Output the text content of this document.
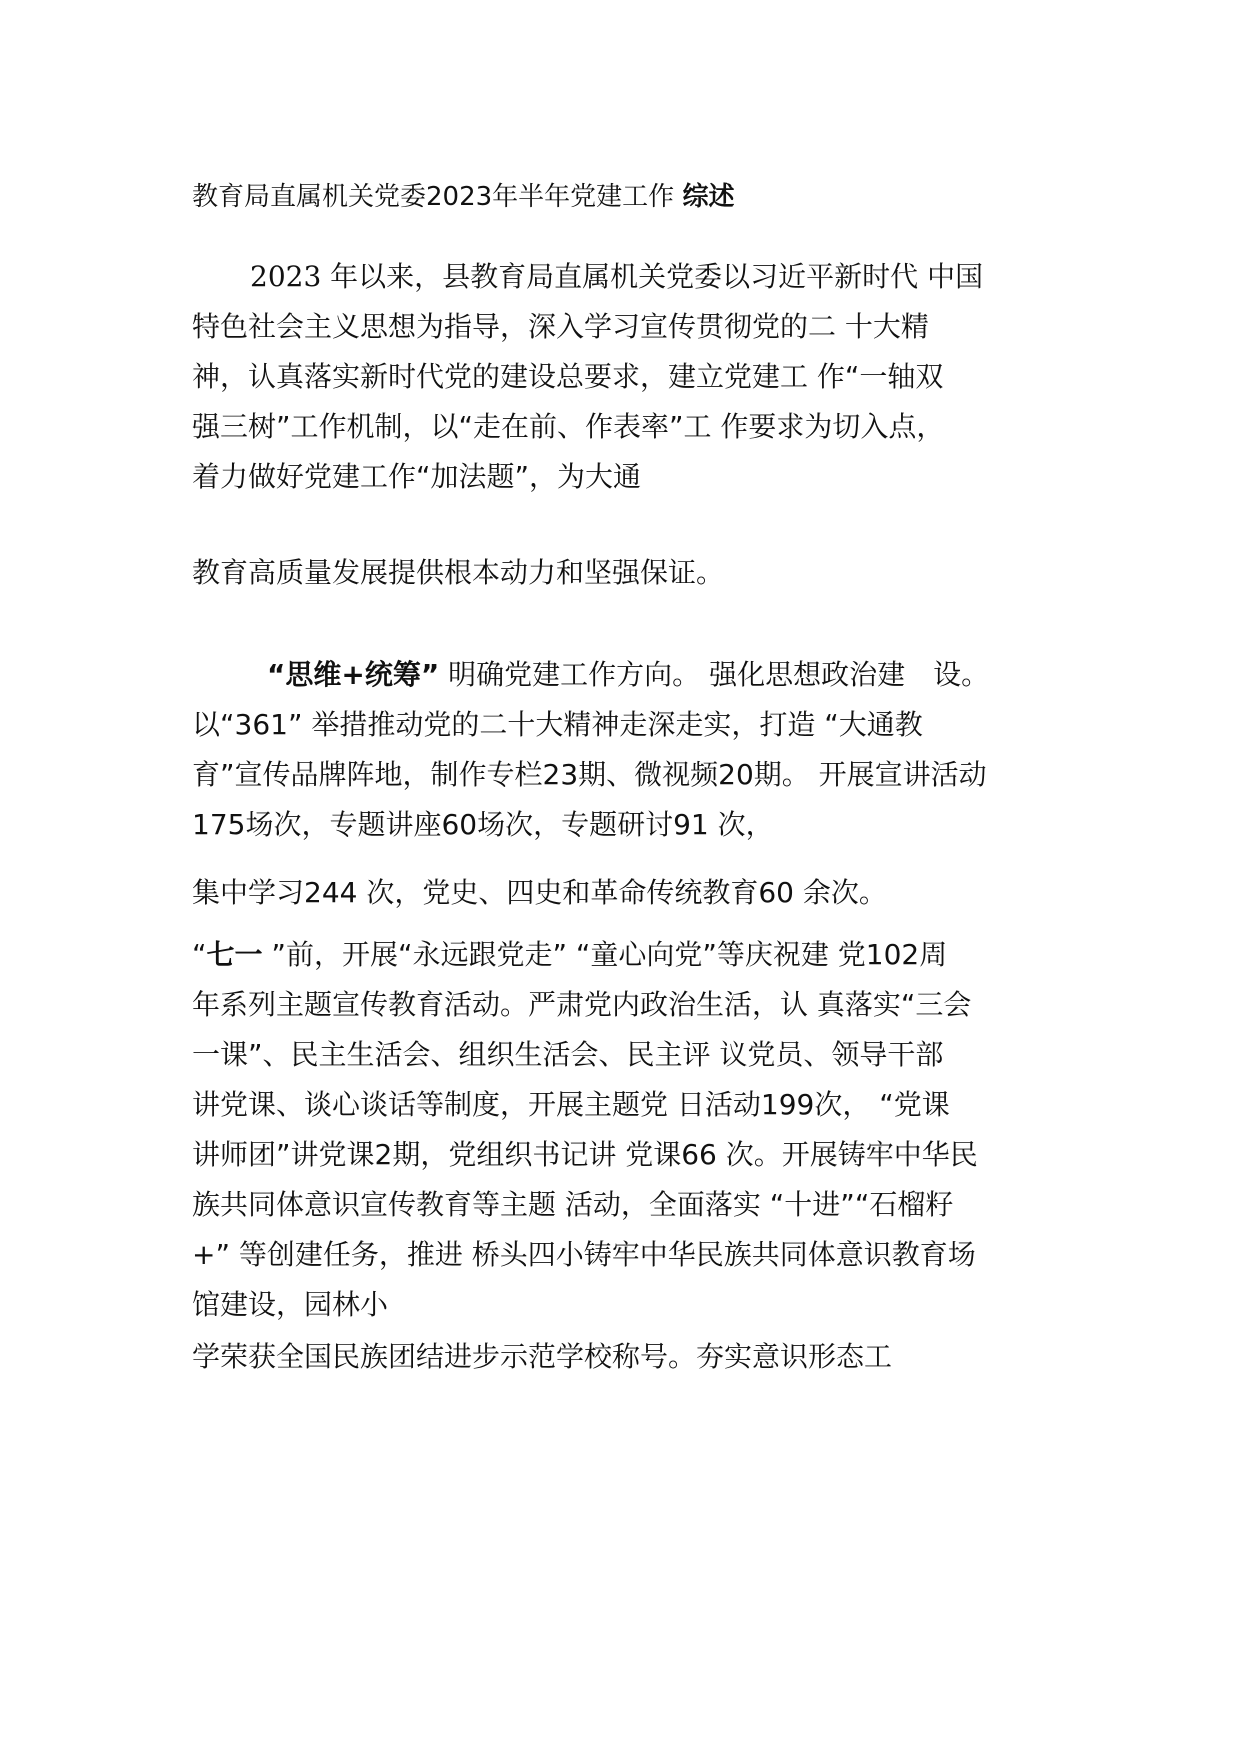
教育局直属机关党委2023年半年党建工作 综述
2023 年以来，县教育局直属机关党委以习近平新时代 中国
特色社会主义思想为指导，深入学习宣传贯彻党的二 十大精
神，认真落实新时代党的建设总要求，建立党建工 作“一轴双
强三树”工作机制，以“走在前、作表率”工 作要求为切入点，
着力做好党建工作“加法题”，为大通
教育高质量发展提供根本动力和坚强保证。
“思维+统筹” 明确党建工作方向。 强化思想政治建　设。
以“361” 举措推动党的二十大精神走深走实，打造 “大通教
育”宣传品牌阵地，制作专栏23期、微视频20期。 开展宣讲活动
175场次，专题讲座60场次，专题研讨91 次，
集中学习244 次，党史、四史和革命传统教育60 余次。
“七一 ”前，开展“永远跟党走” “童心向党”等庆祝建 党102周
年系列主题宣传教育活动。严肃党内政治生活，认 真落实“三会
一课”、民主生活会、组织生活会、民主评 议党员、领导干部
讲党课、谈心谈话等制度，开展主题党 日活动199次， “党课
讲师团”讲党课2期，党组织书记讲 党课66 次。开展铸牢中华民
族共同体意识宣传教育等主题 活动，全面落实 “十进”“石榴籽
+” 等创建任务，推进 桥头四小铸牢中华民族共同体意识教育场
馆建设，园林小
学荣获全国民族团结进步示范学校称号。夯实意识形态工
